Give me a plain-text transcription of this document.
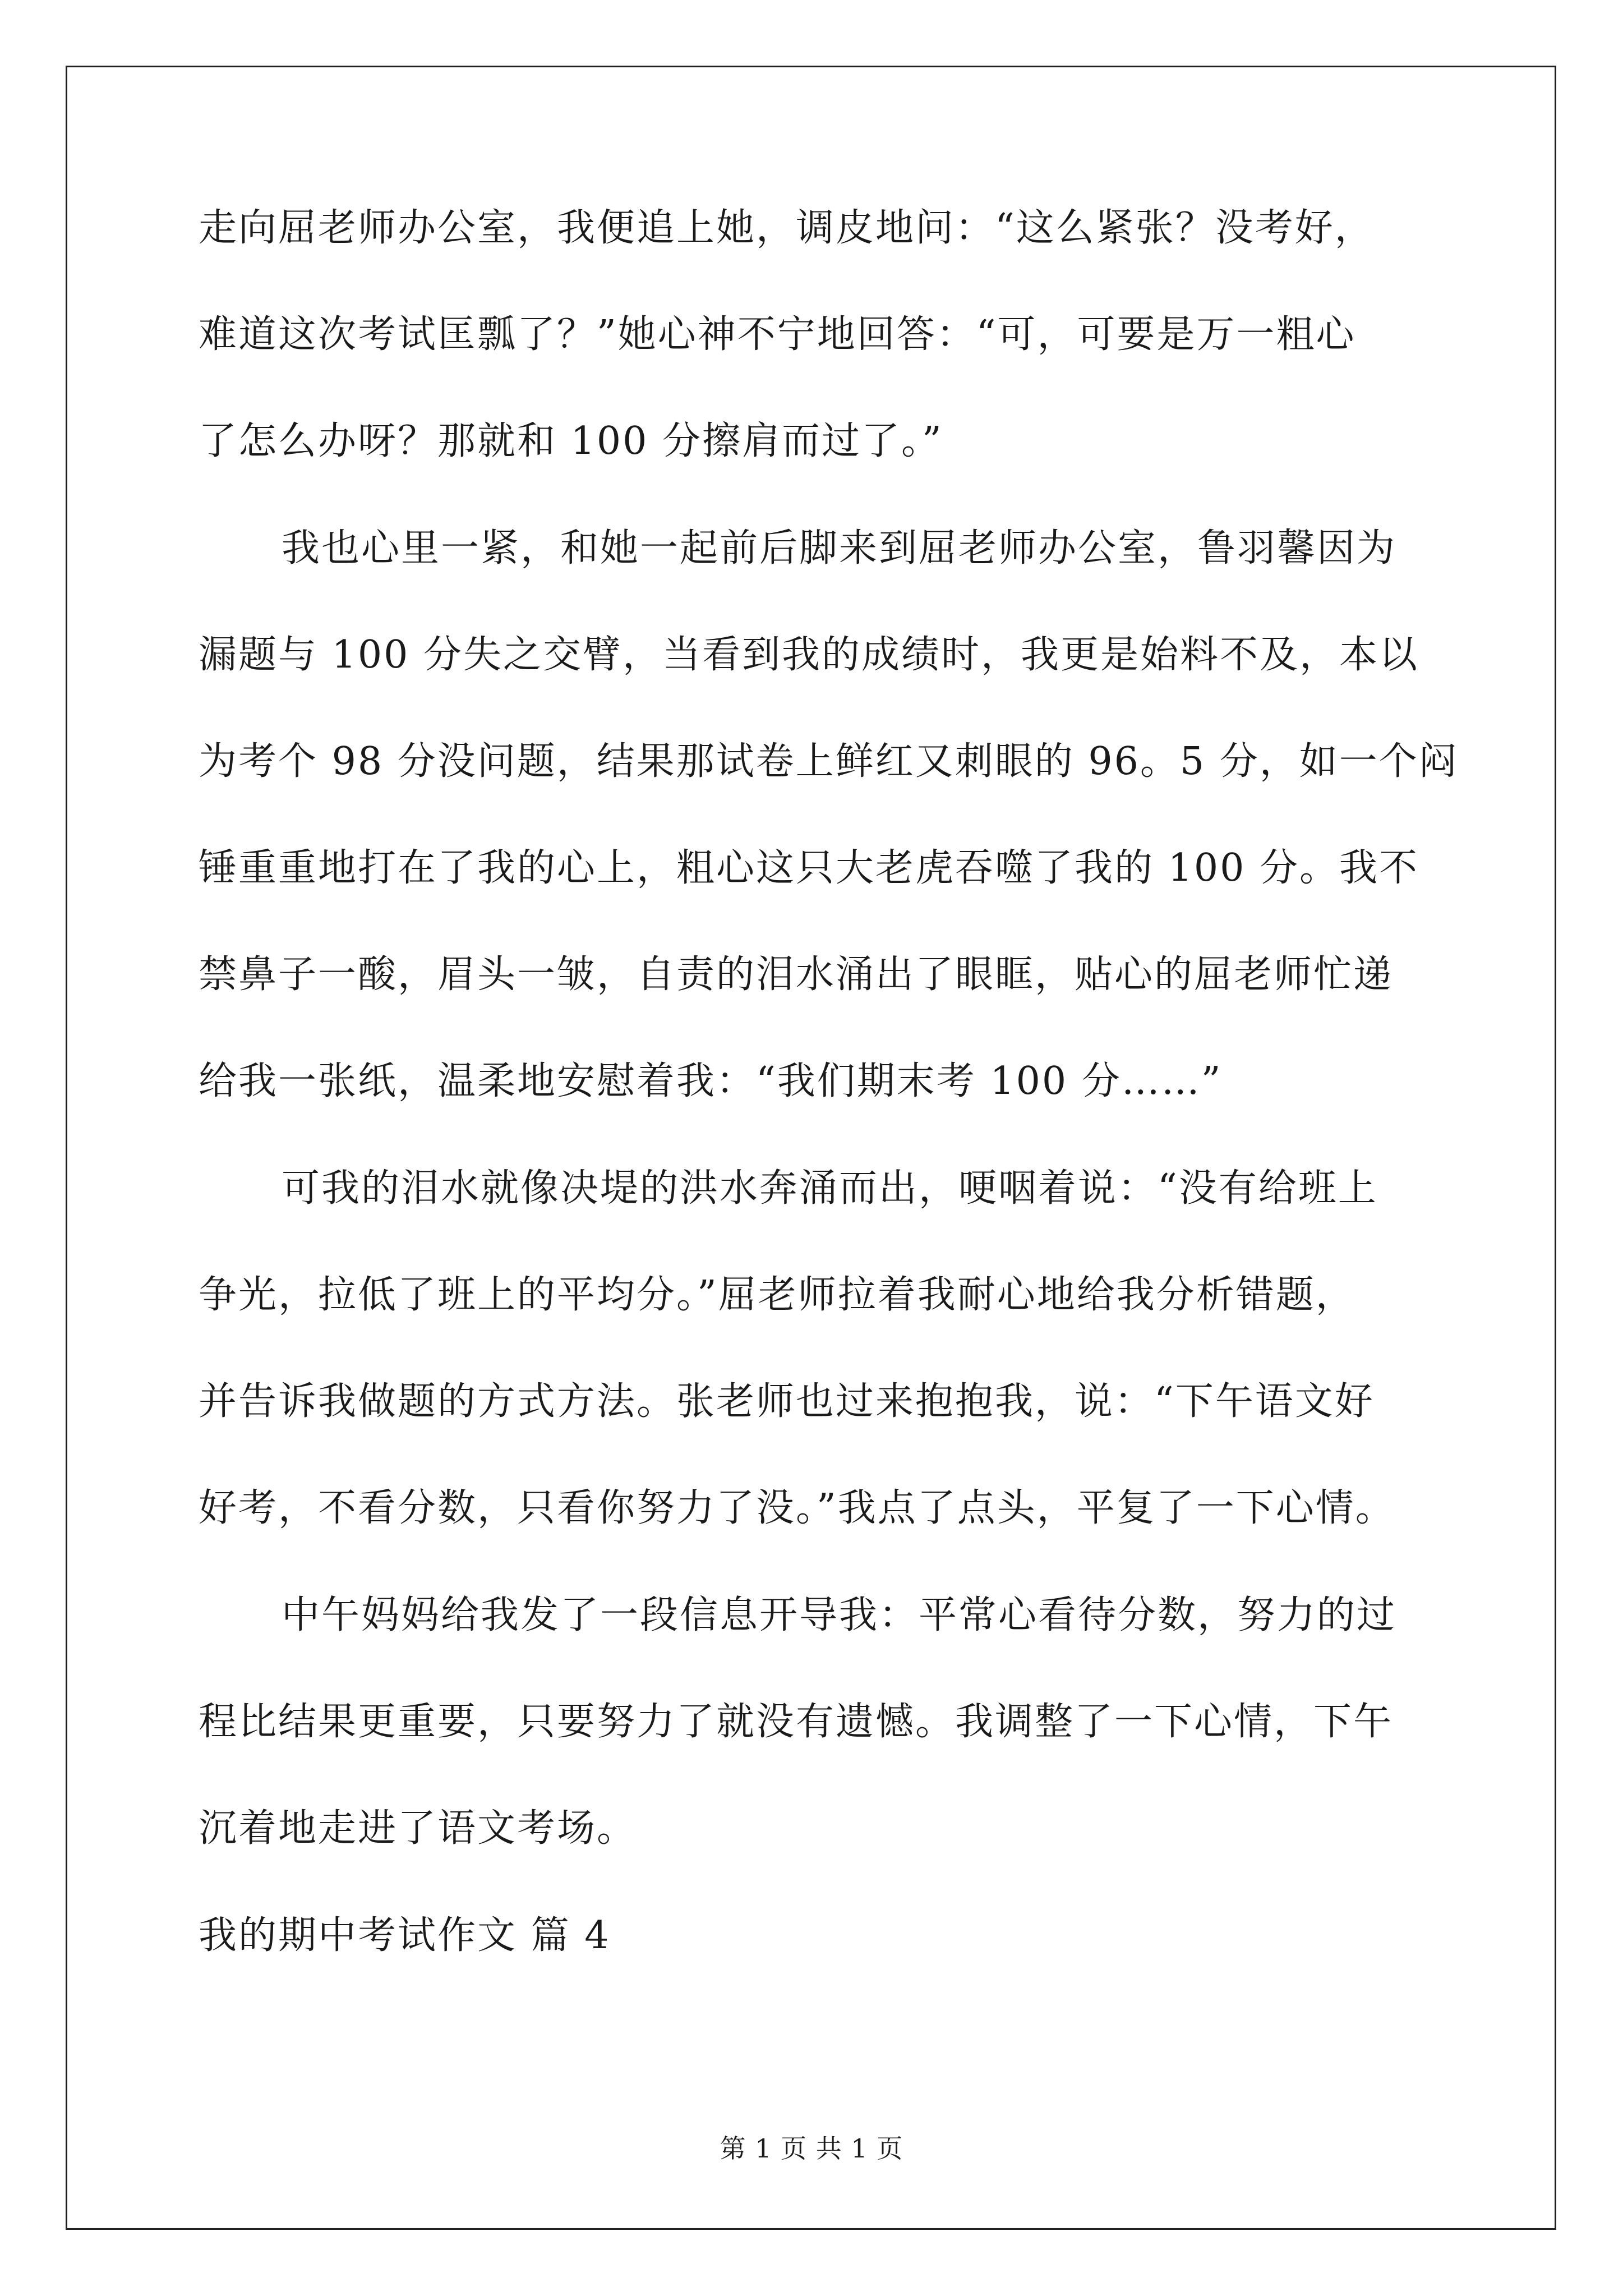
走向屈老师办公室，我便追上她，调皮地问：“这么紧张？没考好，

难道这次考试匡瓢了？”她心神不宁地回答：“可，可要是万一粗心

了怎么办呀？那就和 100 分擦肩而过了。”

我也心里一紧，和她一起前后脚来到屈老师办公室，鲁羽馨因为

漏题与 100 分失之交臂，当看到我的成绩时，我更是始料不及，本以

为考个 98 分没问题，结果那试卷上鲜红又刺眼的 96。5 分，如一个闷

锤重重地打在了我的心上，粗心这只大老虎吞噬了我的 100 分。我不

禁鼻子一酸，眉头一皱，自责的泪水涌出了眼眶，贴心的屈老师忙递

给我一张纸，温柔地安慰着我：“我们期末考 100 分……”

可我的泪水就像决堤的洪水奔涌而出，哽咽着说：“没有给班上

争光，拉低了班上的平均分。”屈老师拉着我耐心地给我分析错题，

并告诉我做题的方式方法。张老师也过来抱抱我，说：“下午语文好

好考，不看分数，只看你努力了没。”我点了点头，平复了一下心情。

中午妈妈给我发了一段信息开导我：平常心看待分数，努力的过

程比结果更重要，只要努力了就没有遗憾。我调整了一下心情，下午

沉着地走进了语文考场。

我的期中考试作文 篇 4

第 1 页 共 1 页
